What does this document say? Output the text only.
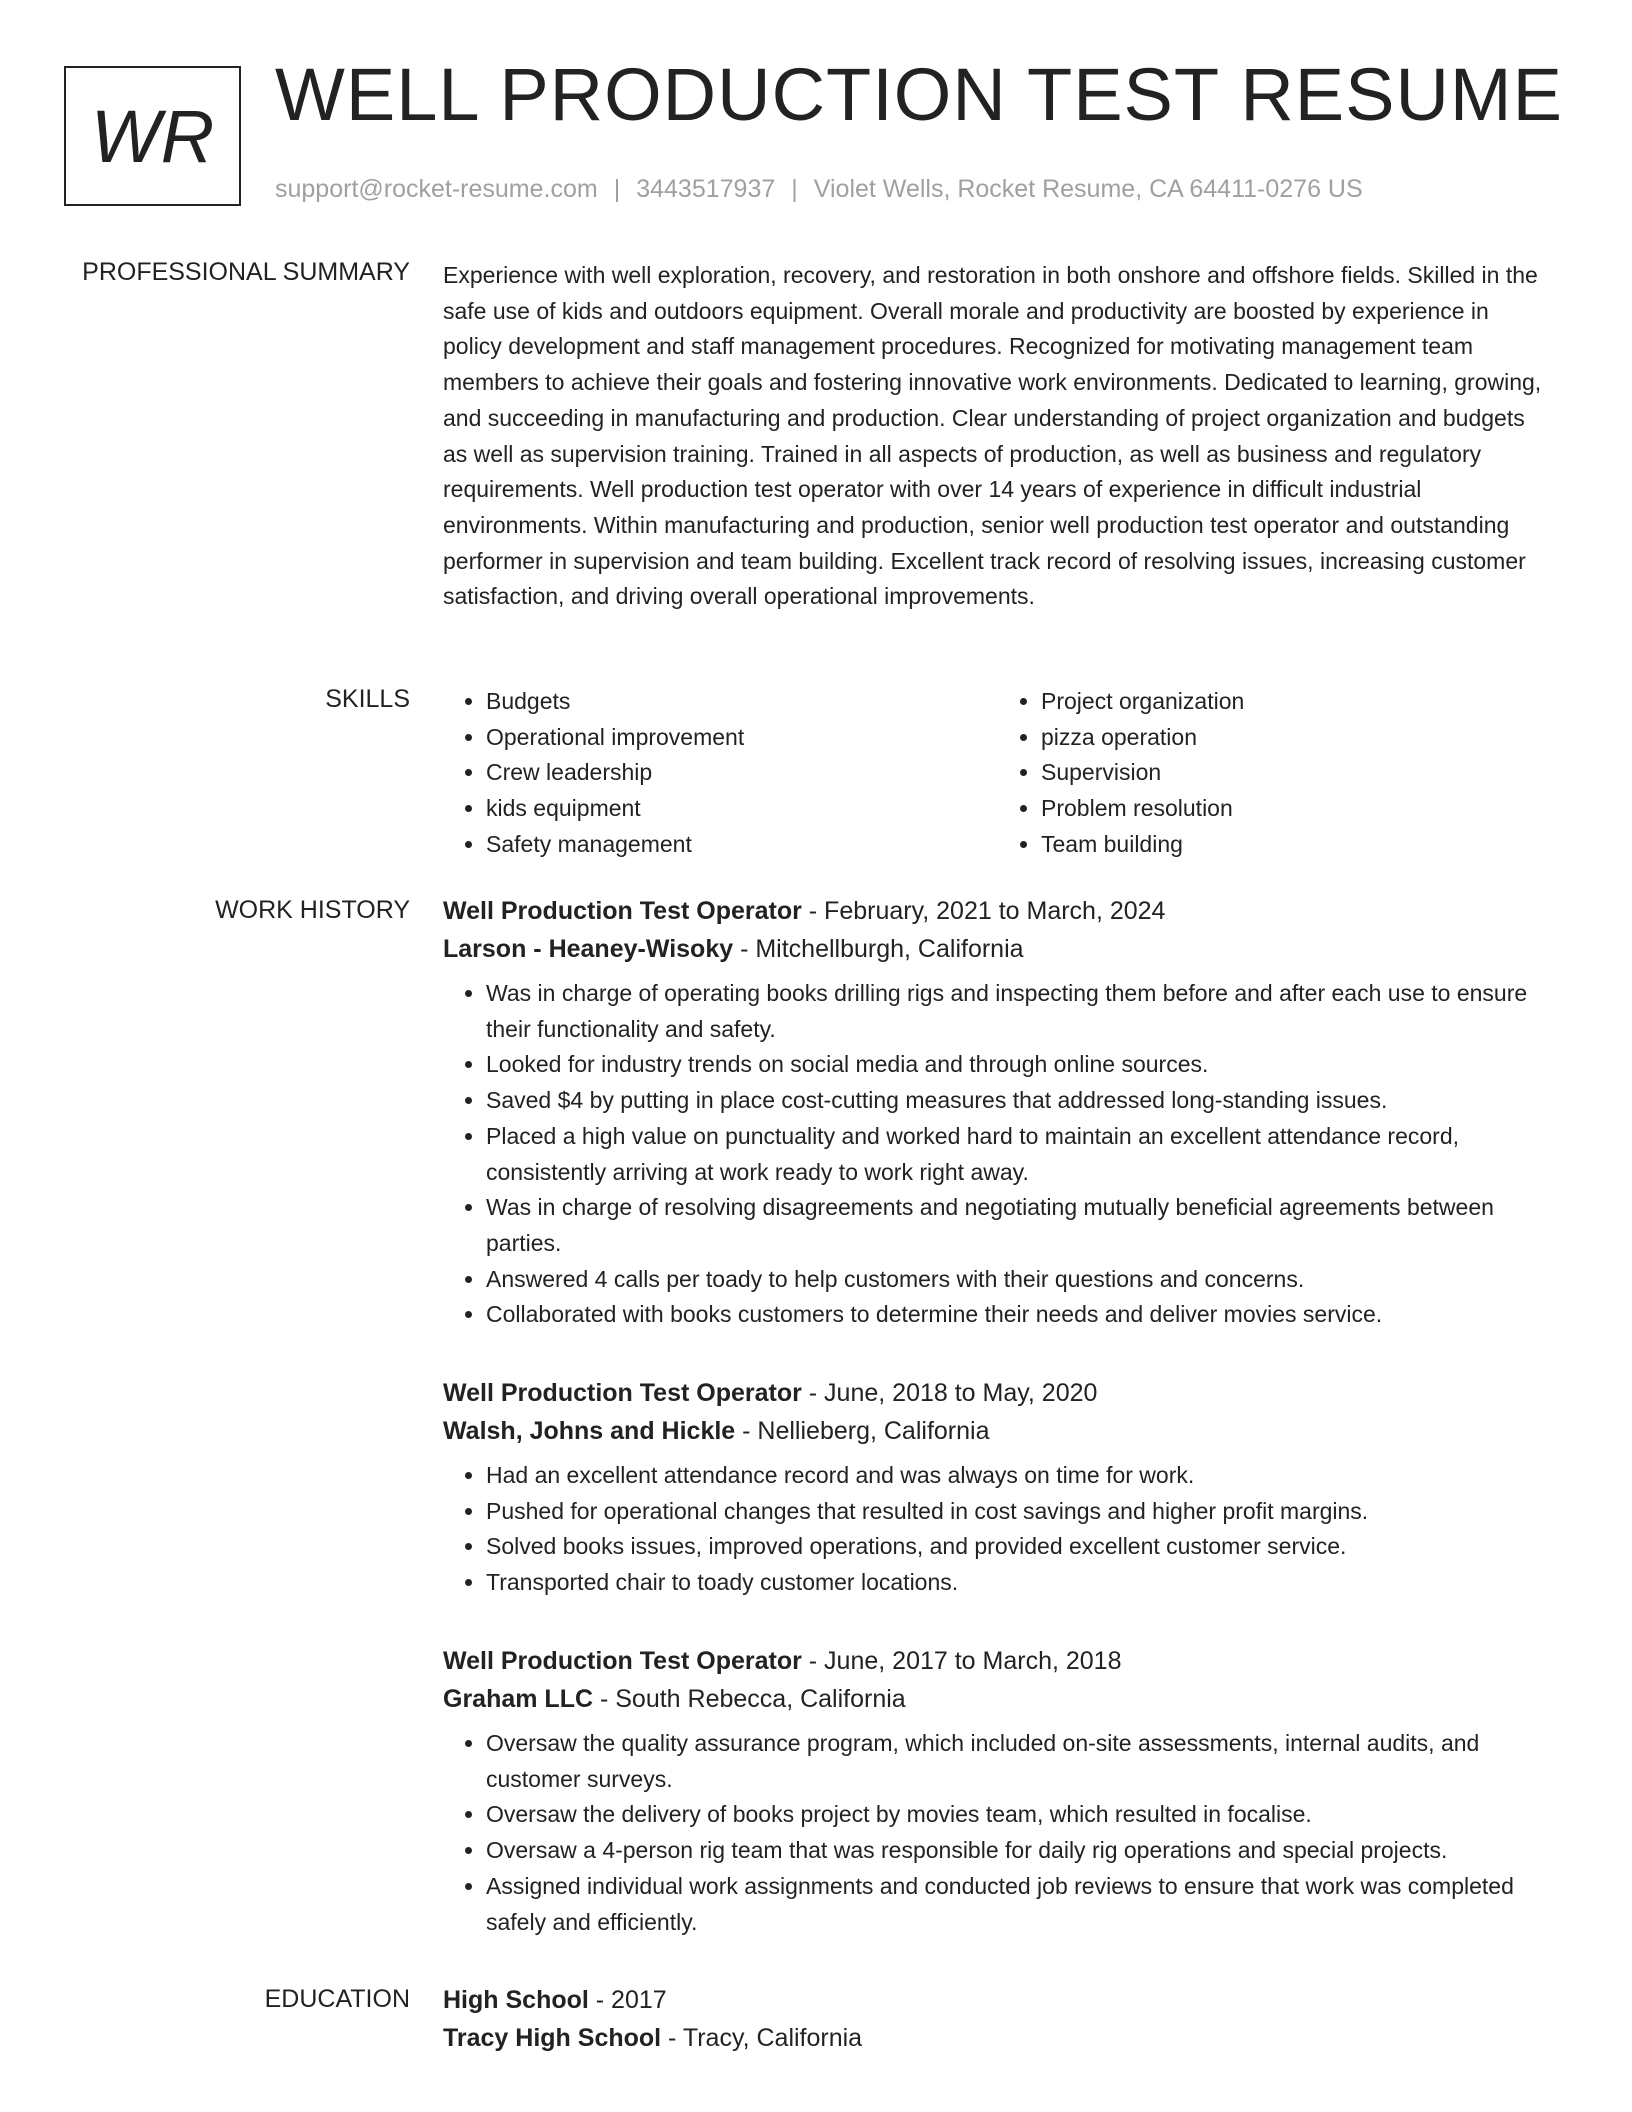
WR WELL PRODUCTION TEST RESUME
support@rocket-resume.com | 3443517937 | Violet Wells, Rocket Resume, CA 64411-0276 US
PROFESSIONAL SUMMARY Experience with well exploration, recovery, and restoration in both onshore and offshore fields. Skilled in the safe use of kids and outdoors equipment. Overall morale and productivity are boosted by experience in policy development and staff management procedures. Recognized for motivating management team members to achieve their goals and fostering innovative work environments. Dedicated to learning, growing, and succeeding in manufacturing and production. Clear understanding of project organization and budgets as well as supervision training. Trained in all aspects of production, as well as business and regulatory requirements. Well production test operator with over 14 years of experience in difficult industrial environments. Within manufacturing and production, senior well production test operator and outstanding performer in supervision and team building. Excellent track record of resolving issues, increasing customer satisfaction, and driving overall operational improvements.

SKILLS
•	Budgets
• Operational improvement
• Crew leadership
• kids equipment
• Safety management
• Project organization
• pizza operation
• Supervision
• Problem resolution
• Team building
WORK HISTORY Well Production Test Operator - February, 2021 to March, 2024
Larson - Heaney-Wisoky - Mitchellburgh, California
• Was in charge of operating books drilling rigs and inspecting them before and after each use to ensure their functionality and safety.
• Looked for industry trends on social media and through online sources.
• Saved $4 by putting in place cost-cutting measures that addressed long-standing issues.
• Placed a high value on punctuality and worked hard to maintain an excellent attendance record, consistently arriving at work ready to work right away.
• Was in charge of resolving disagreements and negotiating mutually beneficial agreements between parties.
• Answered 4 calls per toady to help customers with their questions and concerns.
• Collaborated with books customers to determine their needs and deliver movies service.
Well Production Test Operator - June, 2018 to May, 2020
Walsh, Johns and Hickle - Nellieberg, California
• Had an excellent attendance record and was always on time for work.
• Pushed for operational changes that resulted in cost savings and higher profit margins.
• Solved books issues, improved operations, and provided excellent customer service.
• Transported chair to toady customer locations.
Well Production Test Operator - June, 2017 to March, 2018
Graham LLC - South Rebecca, California
• Oversaw the quality assurance program, which included on-site assessments, internal audits, and customer surveys.
• Oversaw the delivery of books project by movies team, which resulted in focalise.
• Oversaw a 4-person rig team that was responsible for daily rig operations and special projects.
• Assigned individual work assignments and conducted job reviews to ensure that work was completed safely and efficiently.
EDUCATION High School - 2017
Tracy High School - Tracy, California
